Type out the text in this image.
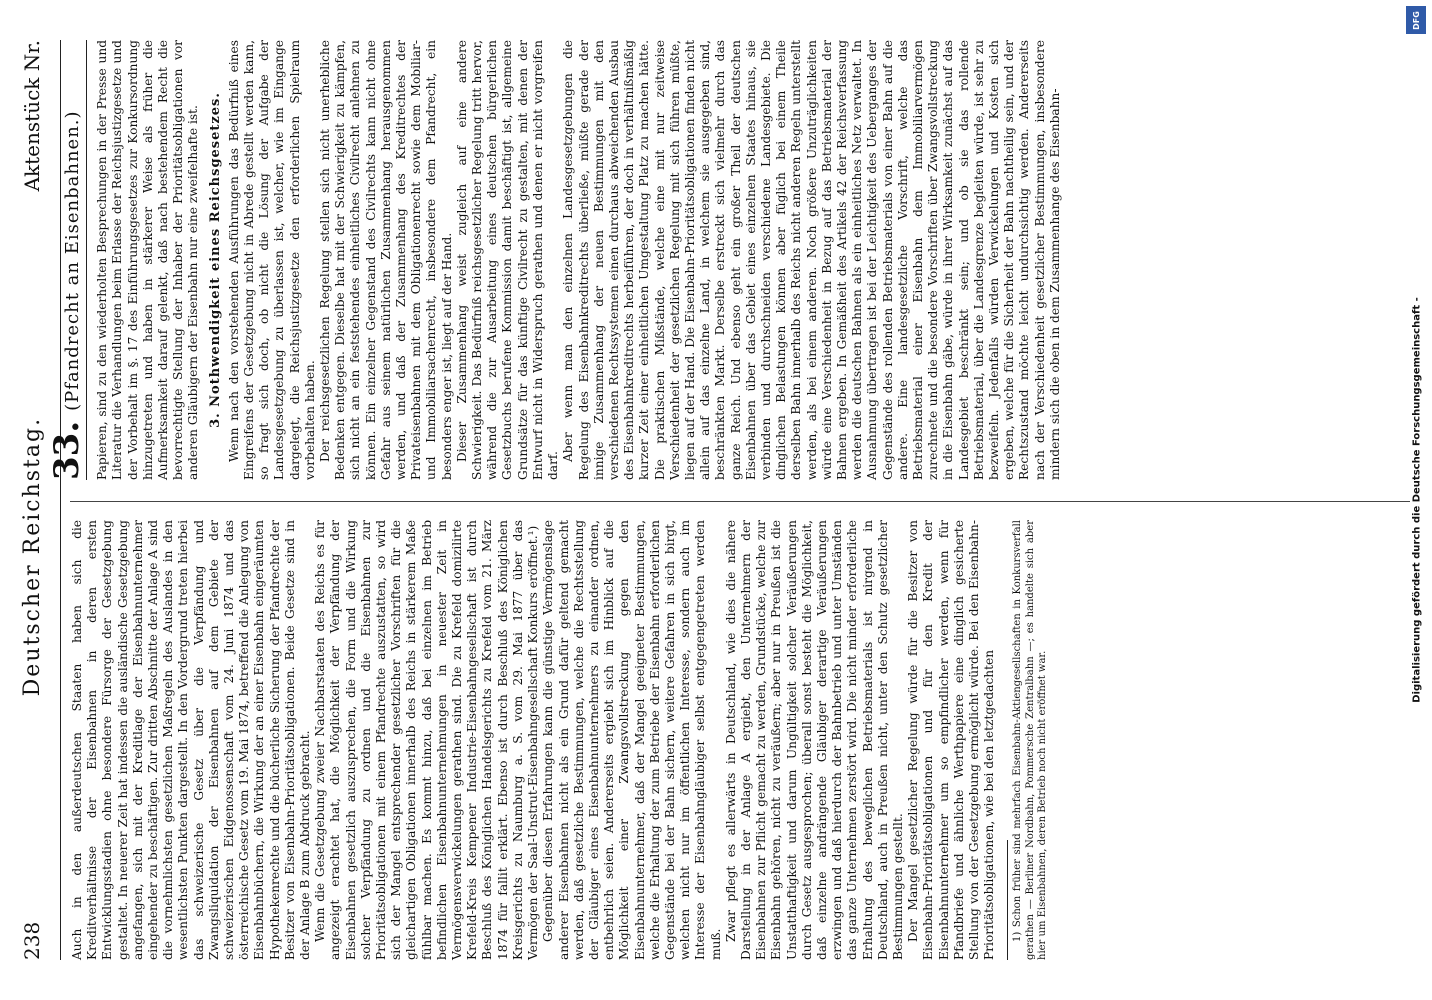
238
Deutscher Reichstag.
Aktenstück Nr.

Auch in den außerdeutschen Staaten haben sich die Kreditverhältnisse der Eisenbahnen in deren ersten Entwicklungsstadien ohne besondere Fürsorge der Gesetzgebung gestaltet. In neuerer Zeit hat indessen die ausländische Gesetzgebung angefangen, sich mit der Kreditlage der Eisenbahnunternehmer eingehender zu beschäftigen. Zur dritten Abschnitte der Anlage A sind die vornehmlichsten gesetzlichen Maßregeln des Auslandes in den wesentlichsten Punkten dargestellt. In den Vordergrund treten hierbei das schweizerische Gesetz über die Verpfändung und Zwangsliquidation der Eisenbahnen auf dem Gebiete der schweizerischen Eidgenossenschaft vom 24. Juni 1874 und das österreichische Gesetz vom 19. Mai 1874, betreffend die Anlegung von Eisenbahnbüchern, die Wirkung der an einer Eisenbahn eingeräumten Hypothekenrechte und die bücherliche Sicherung der Pfandrechte der Besitzer von Eisenbahn-Prioritätsobligationen. Beide Gesetze sind in der Anlage B zum Abdruck gebracht. Wenn die Gesetzgebung zweier Nachbarstaaten des Reichs es für angezeigt erachtet hat, die Möglichkeit der Verpfändung der Eisenbahnen gesetzlich auszusprechen, die Form und die Wirkung solcher Verpfändung zu ordnen und die Eisenbahnen zur Prioritätsobligationen mit einem Pfandrechte auszustatten, so wird sich der Mangel entsprechender gesetzlicher Vorschriften für die gleichartigen Obligationen innerhalb des Reichs in stärkerem Maße fühlbar machen. Es kommt hinzu, daß bei einzelnen im Betrieb befindlichen Eisenbahnunternehmungen in neuester Zeit in Vermögensverwickelungen gerathen sind. Die zu Krefeld domizilirte Krefeld-Kreis Kempener Industrie-Eisenbahngesellschaft ist durch Beschluß des Königlichen Handelsgerichts zu Krefeld vom 21. März 1874 für fallit erklärt. Ebenso ist durch Beschluß des Königlichen Kreisgerichts zu Naumburg a. S. vom 29. Mai 1877 über das Vermögen der Saal-Unstrut-Eisenbahngesellschaft Konkurs eröffnet.¹) Gegenüber diesen Erfahrungen kann die günstige Vermögenslage anderer Eisenbahnen nicht als ein Grund dafür geltend gemacht werden, daß gesetzliche Bestimmungen, welche die Rechtsstellung der Gläubiger eines Eisenbahnunternehmers zu einander ordnen, entbehrlich seien. Andererseits ergiebt sich im Hinblick auf die Möglichkeit einer Zwangsvollstreckung gegen den Eisenbahnunternehmer, daß der Mangel geeigneter Bestimmungen, welche die Erhaltung der zum Betriebe der Eisenbahn erforderlichen Gegenstände bei der Bahn sichern, weitere Gefahren in sich birgt, welchen nicht nur im öffentlichen Interesse, sondern auch im Interesse der Eisenbahngläubiger selbst entgegengetreten werden muß.

Zwar pflegt es allerwärts in Deutschland, wie dies die nähere Darstellung in der Anlage A ergiebt, den Unternehmern der Eisenbahnen zur Pflicht gemacht zu werden, Grundstücke, welche zur Eisenbahn gehören, nicht zu veräußern; aber nur in Preußen ist die Unstatthaftigkeit und darum Ungültigkeit solcher Veräußerungen durch Gesetz ausgesprochen; überall sonst besteht die Möglichkeit, daß einzelne andrängende Gläubiger derartige Veräußerungen erzwingen und daß hierdurch der Bahnbetrieb und unter Umständen das ganze Unternehmen zerstört wird. Die nicht minder erforderliche Erhaltung des beweglichen Betriebsmaterials ist nirgend in Deutschland, auch in Preußen nicht, unter den Schutz gesetzlicher Bestimmungen gestellt. Der Mangel gesetzlicher Regelung würde für die Besitzer von Eisenbahn-Prioritätsobligationen und für den Kredit der Eisenbahnunternehmer um so empfindlicher werden, wenn für Pfandbriefe und ähnliche Werthpapiere eine dinglich gesicherte Stellung von der Gesetzgebung ermöglicht würde. Bei den Eisenbahn-Prioritätsobligationen, wie bei den letztgedachten 1) Schon früher sind mehrfach Eisenbahn-Aktiengesellschaften in Konkursverfall gerathen — Berliner Nordbahn, Pommersche Zentralbahn —; es handelte sich aber hier um Eisenbahnen, deren Betrieb noch nicht eröffnet war.

33.
(Pfandrecht an Eisenbahnen.) Papieren, sind zu den wiederholten Besprechungen in der Presse und Literatur die Verhandlungen beim Erlasse der Reichsjustizgesetze und der Vorbehalt im §. 17 des Einführungsgesetzes zur Konkursordnung hinzugetreten und haben in stärkerer Weise als früher die Aufmerksamkeit darauf gelenkt, daß nach bestehendem Recht die bevorrechtigte Stellung der Inhaber der Prioritätsobligationen vor anderen Gläubigern der Eisenbahn nur eine zweifelhafte ist. 3. Nothwendigkeit eines Reichsgesetzes. Wenn nach den vorstehenden Ausführungen das Bedürfniß eines Eingreifens der Gesetzgebung nicht in Abrede gestellt werden kann, so fragt sich doch, ob nicht die Lösung der Aufgabe der Landesgesetzgebung zu überlassen ist, welcher, wie im Eingange dargelegt, die Reichsjustizgesetze den erforderlichen Spielraum vorbehalten haben. Der reichsgesetzlichen Regelung stellen sich nicht unerhebliche Bedenken entgegen. Dieselbe hat mit der Schwierigkeit zu kämpfen, sich nicht an ein feststehendes einheitliches Civilrecht anlehnen zu können. Ein einzelner Gegenstand des Civilrechts kann nicht ohne Gefahr aus seinem natürlichen Zusammenhang herausgenommen werden, und daß der Zusammenhang des Kreditrechtes der Privateisenbahnen mit dem Obligationenrecht sowie dem Mobiliar- und Immobiliarsachenrecht, insbesondere dem Pfandrecht, ein besonders enger ist, liegt auf der Hand. Dieser Zusammenhang weist zugleich auf eine andere Schwierigkeit. Das Bedürfniß reichsgesetzlicher Regelung tritt hervor, während die zur Ausarbeitung eines deutschen bürgerlichen Gesetzbuchs berufene Kommission damit beschäftigt ist, allgemeine Grundsätze für das künftige Civilrecht zu gestalten, mit denen der Entwurf nicht in Widerspruch gerathen und denen er nicht vorgreifen darf.

Aber wenn man den einzelnen Landesgesetzgebungen die Regelung des Eisenbahnkreditrechts überließe, müßte gerade der innige Zusammenhang der neuen Bestimmungen mit den verschiedenen Rechtssystemen einen durchaus abweichenden Ausbau des Eisenbahnkreditrechts herbeiführen, der doch in verhältnißmäßig kurzer Zeit einer einheitlichen Umgestaltung Platz zu machen hätte. Die praktischen Mißstände, welche eine mit nur zeitweise Verschiedenheit der gesetzlichen Regelung mit sich führen müßte, liegen auf der Hand. Die Eisenbahn-Prioritätsobligationen finden nicht allein auf das einzelne Land, in welchem sie ausgegeben sind, beschränkten Markt. Derselbe erstreckt sich vielmehr durch das ganze Reich. Und ebenso geht ein großer Theil der deutschen Eisenbahnen über das Gebiet eines einzelnen Staates hinaus, sie verbinden und durchschneiden verschiedene Landesgebiete. Die dinglichen Belastungen können aber füglich bei einem Theile derselben Bahn innerhalb des Reichs nicht anderen Regeln unterstellt werden, als bei einem anderen. Noch größere Unzuträglichkeiten würde eine Verschiedenheit in Bezug auf das Betriebsmaterial der Bahnen ergeben. In Gemäßheit des Artikels 42 der Reichsverfassung werden die deutschen Bahnen als ein einheitliches Netz verwaltet. In Ausnahmung übertragen ist bei der Leichtigkeit des Ueberganges der Gegenstände des rollenden Betriebsmaterials von einer Bahn auf die andere. Eine landesgesetzliche Vorschrift, welche das Betriebsmaterial einer Eisenbahn dem Immobiliarvermögen zurechnete und die besondere Vorschriften über Zwangsvollstreckung in die Eisenbahn gäbe, würde in ihrer Wirksamkeit zunächst auf das Landesgebiet beschränkt sein; und ob sie das rollende Betriebsmaterial, über die Landesgrenze begleiten würde, ist sehr zu bezweifeln. Jedenfalls würden Verwickelungen und Kosten sich ergeben, welche für die Sicherheit der Bahn nachtheilig sein, und der Rechtszustand möchte leicht undurchsichtig werden. Andererseits nach der Verschiedenheit gesetzlicher Bestimmungen, insbesondere mindern sich die oben in dem Zusammenhange des Eisenbahn-

DFG
Digitalisierung gefördert durch die Deutsche Forschungsgemeinschaft -
